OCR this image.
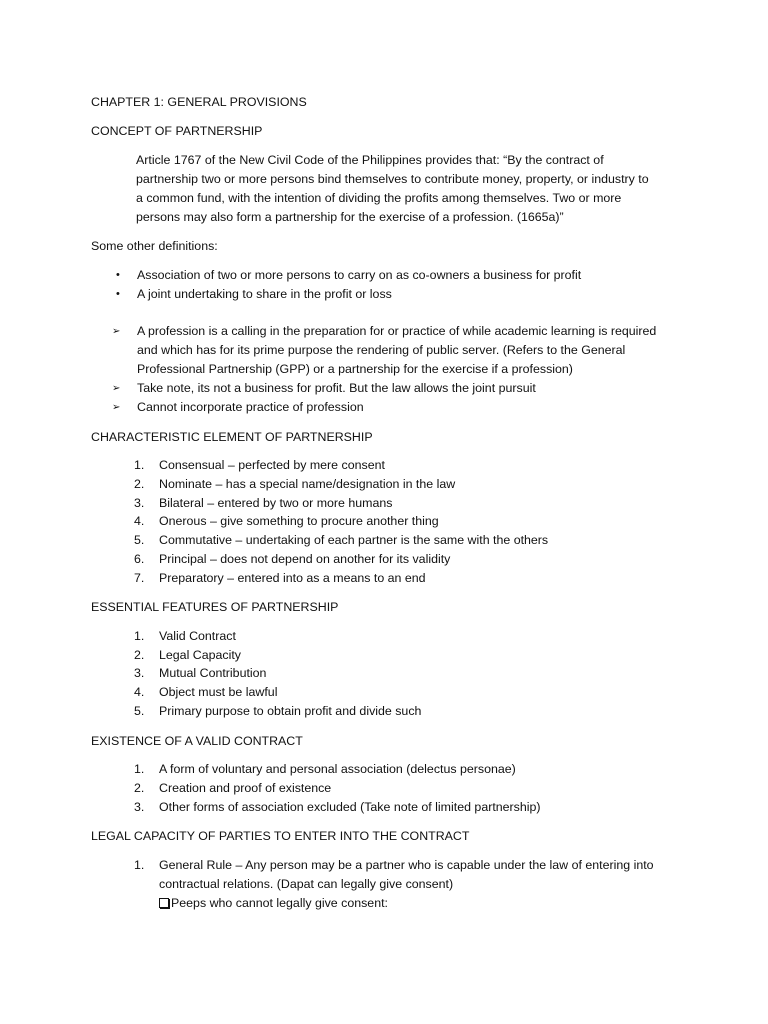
CHAPTER 1: GENERAL PROVISIONS
CONCEPT OF PARTNERSHIP
Article 1767 of the New Civil Code of the Philippines provides that: “By the contract of
partnership two or more persons bind themselves to contribute money, property, or industry to
a common fund, with the intention of dividing the profits among themselves. Two or more
persons may also form a partnership for the exercise of a profession. (1665a)”
Some other definitions:
•	Association of two or more persons to carry on as co-owners a business for profit
•	A joint undertaking to share in the profit or loss
➢	A profession is a calling in the preparation for or practice of while academic learning is required
and which has for its prime purpose the rendering of public server. (Refers to the General
Professional Partnership (GPP) or a partnership for the exercise if a profession)
➢	Take note, its not a business for profit. But the law allows the joint pursuit
➢	Cannot incorporate practice of profession
CHARACTERISTIC ELEMENT OF PARTNERSHIP
1.	Consensual – perfected by mere consent
2.	Nominate – has a special name/designation in the law
3.	Bilateral – entered by two or more humans
4.	Onerous – give something to procure another thing
5.	Commutative – undertaking of each partner is the same with the others
6.	Principal – does not depend on another for its validity
7.	Preparatory – entered into as a means to an end
ESSENTIAL FEATURES OF PARTNERSHIP
1.	Valid Contract
2.	Legal Capacity
3.	Mutual Contribution
4.	Object must be lawful
5.	Primary purpose to obtain profit and divide such
EXISTENCE OF A VALID CONTRACT
1.	A form of voluntary and personal association (delectus personae)
2.	Creation and proof of existence
3.	Other forms of association excluded (Take note of limited partnership)
LEGAL CAPACITY OF PARTIES TO ENTER INTO THE CONTRACT
1.	General Rule – Any person may be a partner who is capable under the law of entering into
contractual relations. (Dapat can legally give consent)
Peeps who cannot legally give consent:
